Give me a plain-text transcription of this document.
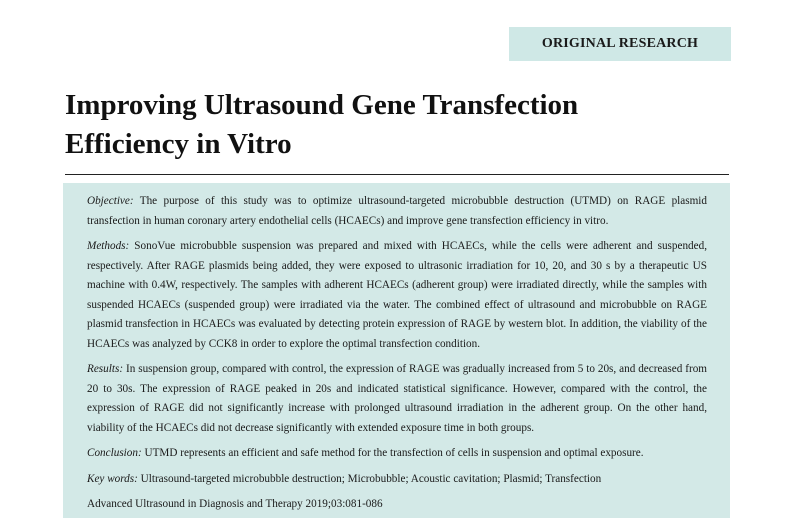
ORIGINAL RESEARCH
Improving Ultrasound Gene Transfection
Efficiency in Vitro

Objective: The purpose of this study was to optimize ultrasound-targeted microbubble destruction (UTMD) on RAGE plasmid transfection in human coronary artery endothelial cells (HCAECs) and improve gene transfection efficiency in vitro.

Methods: SonoVue microbubble suspension was prepared and mixed with HCAECs, while the cells were adherent and suspended, respectively. After RAGE plasmids being added, they were exposed to ultrasonic irradiation for 10, 20, and 30 s by a therapeutic US machine with 0.4W, respectively. The samples with adherent HCAECs (adherent group) were irradiated directly, while the samples with suspended HCAECs (suspended group) were irradiated via the water. The combined effect of ultrasound and microbubble on RAGE plasmid transfection in HCAECs was evaluated by detecting protein expression of RAGE by western blot. In addition, the viability of the HCAECs was analyzed by CCK8 in order to explore the optimal transfection condition.

Results: In suspension group, compared with control, the expression of RAGE was gradually increased from 5 to 20s, and decreased from 20 to 30s. The expression of RAGE peaked in 20s and indicated statistical significance. However, compared with the control, the expression of RAGE did not significantly increase with prolonged ultrasound irradiation in the adherent group. On the other hand, viability of the HCAECs did not decrease significantly with extended exposure time in both groups.

Conclusion: UTMD represents an efficient and safe method for the transfection of cells in suspension and optimal exposure.

Key words: Ultrasound-targeted microbubble destruction; Microbubble; Acoustic cavitation; Plasmid; Transfection

Advanced Ultrasound in Diagnosis and Therapy 2019;03:081-086
